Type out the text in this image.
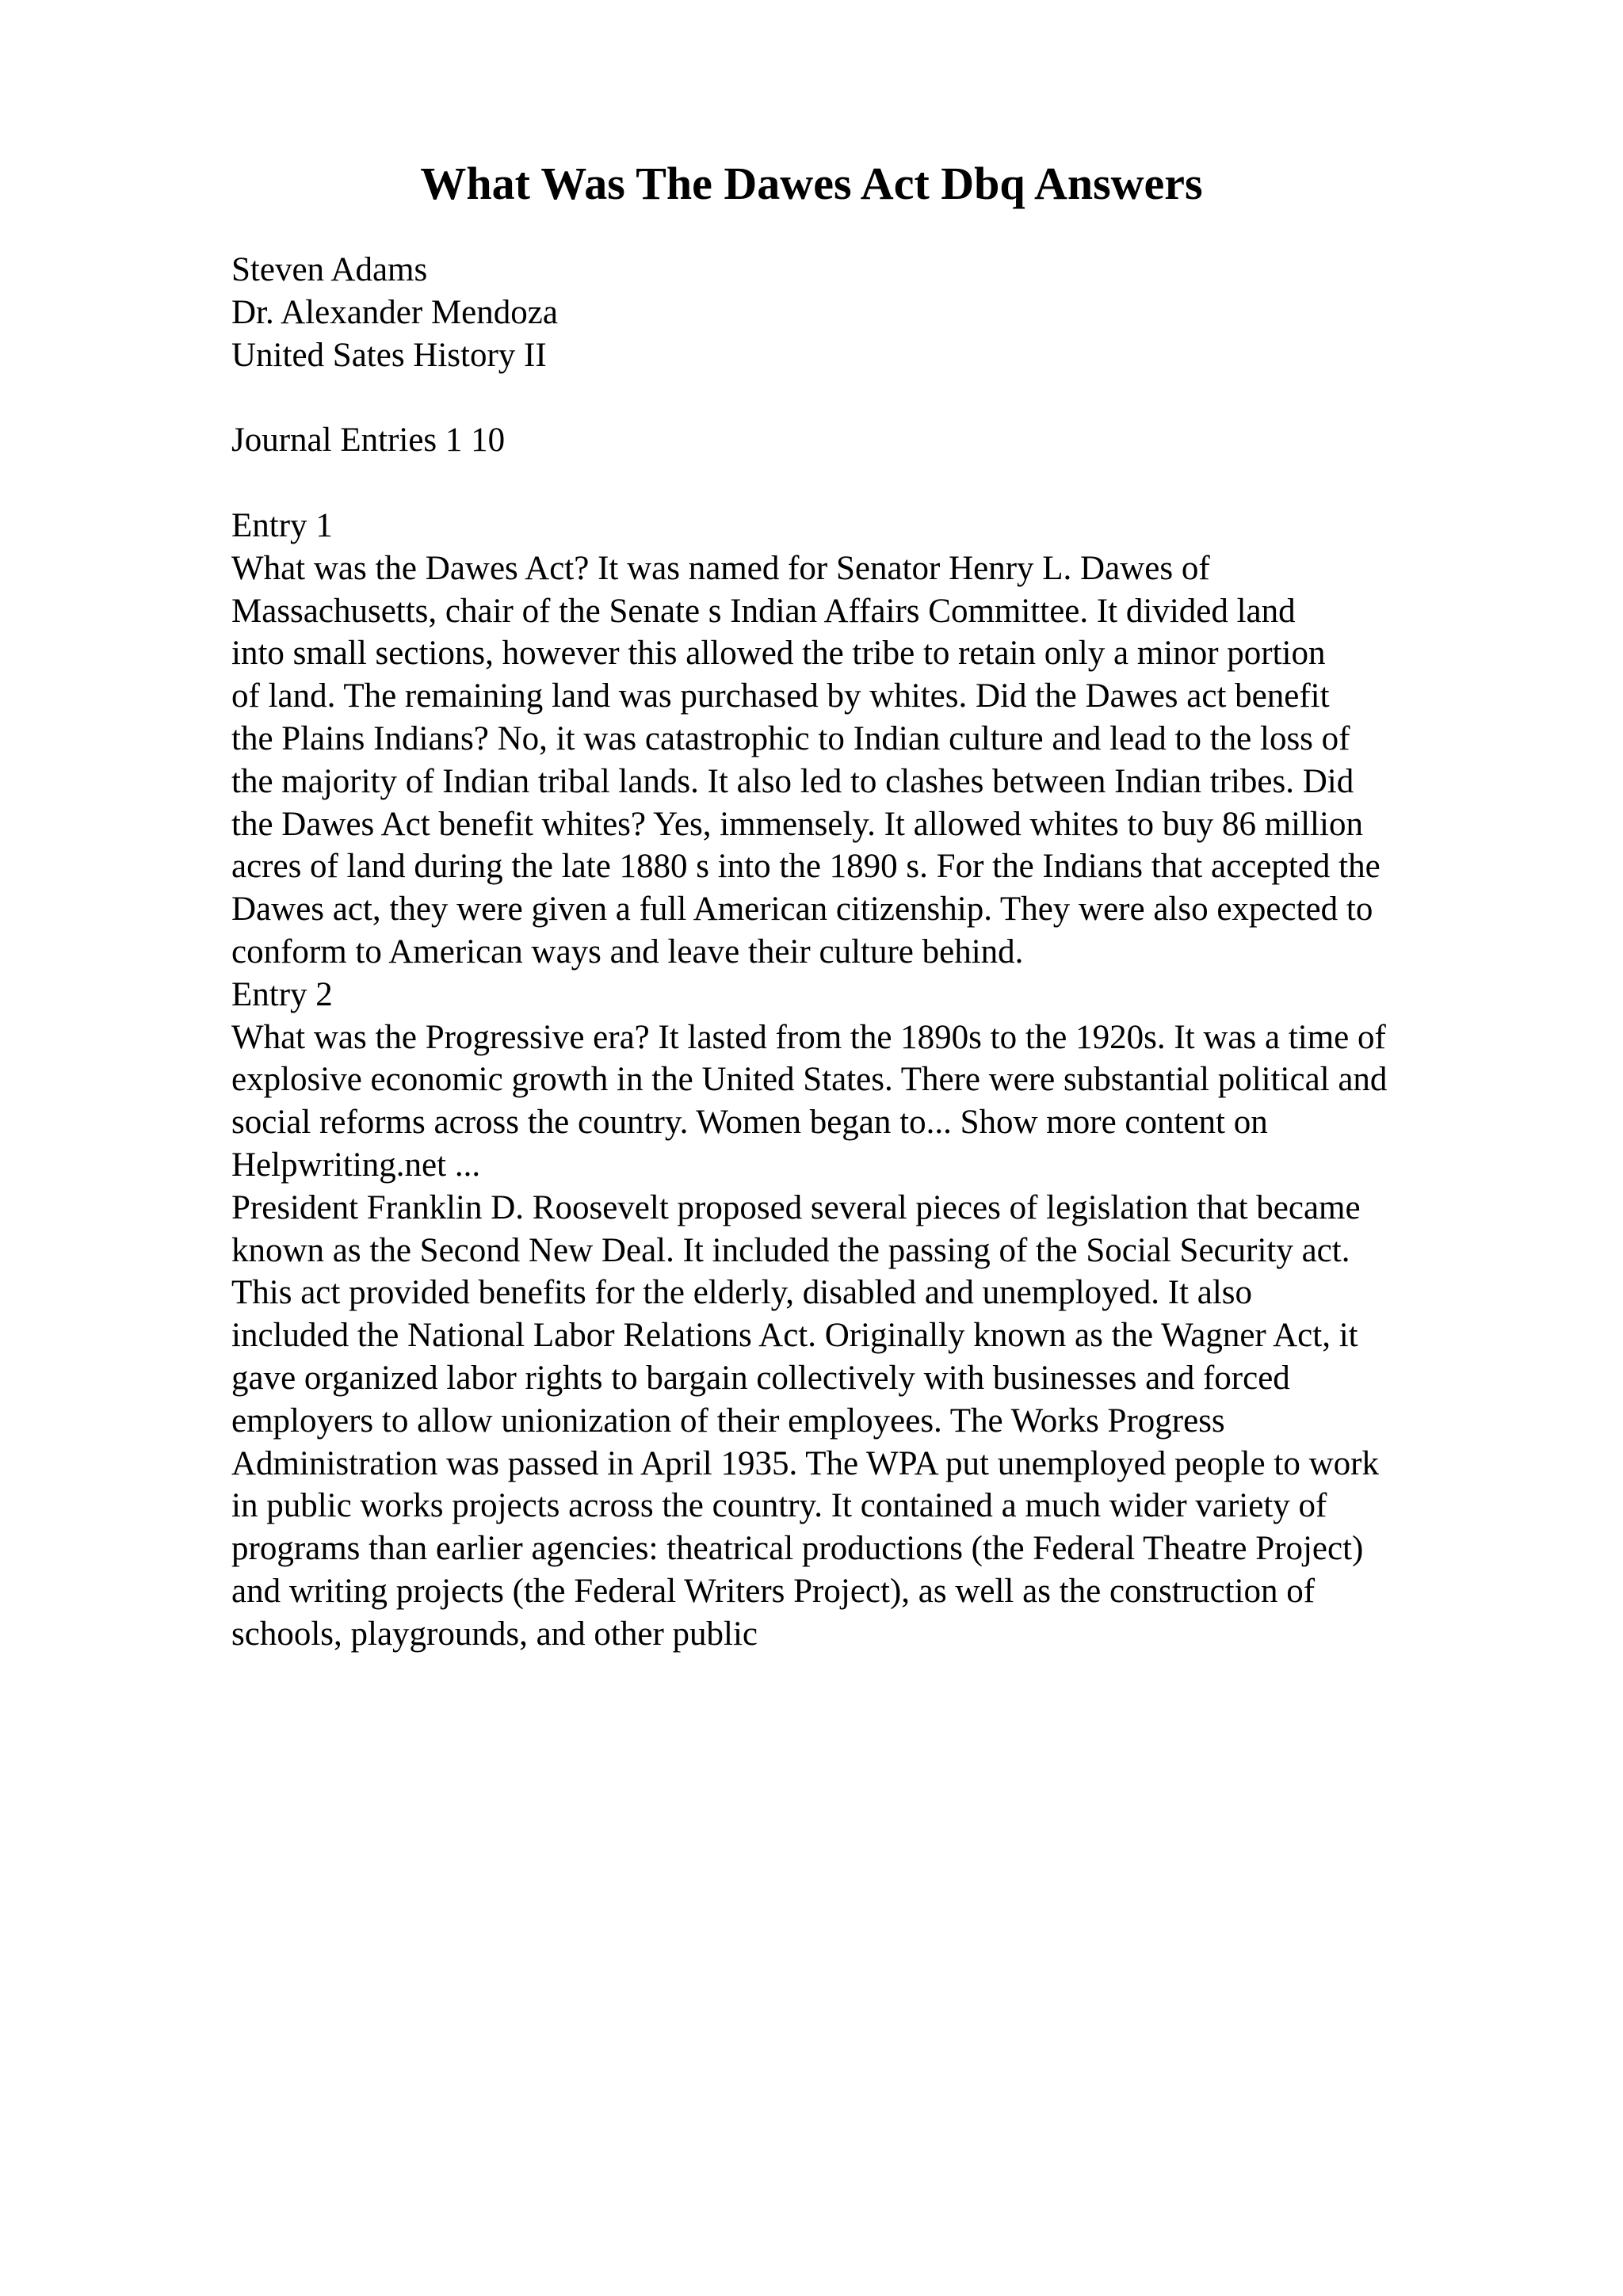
What Was The Dawes Act Dbq Answers
Steven Adams
Dr. Alexander Mendoza
United Sates History II
Journal Entries 1 10
Entry 1
What was the Dawes Act? It was named for Senator Henry L. Dawes of
Massachusetts, chair of the Senate s Indian Affairs Committee. It divided land
into small sections, however this allowed the tribe to retain only a minor portion
of land. The remaining land was purchased by whites. Did the Dawes act benefit
the Plains Indians? No, it was catastrophic to Indian culture and lead to the loss of
the majority of Indian tribal lands. It also led to clashes between Indian tribes. Did
the Dawes Act benefit whites? Yes, immensely. It allowed whites to buy 86 million
acres of land during the late 1880 s into the 1890 s. For the Indians that accepted the
Dawes act, they were given a full American citizenship. They were also expected to
conform to American ways and leave their culture behind.
Entry 2
What was the Progressive era? It lasted from the 1890s to the 1920s. It was a time of
explosive economic growth in the United States. There were substantial political and
social reforms across the country. Women began to... Show more content on
Helpwriting.net ...
President Franklin D. Roosevelt proposed several pieces of legislation that became
known as the Second New Deal. It included the passing of the Social Security act.
This act provided benefits for the elderly, disabled and unemployed. It also
included the National Labor Relations Act. Originally known as the Wagner Act, it
gave organized labor rights to bargain collectively with businesses and forced
employers to allow unionization of their employees. The Works Progress
Administration was passed in April 1935. The WPA put unemployed people to work
in public works projects across the country. It contained a much wider variety of
programs than earlier agencies: theatrical productions (the Federal Theatre Project)
and writing projects (the Federal Writers Project), as well as the construction of
schools, playgrounds, and other public
